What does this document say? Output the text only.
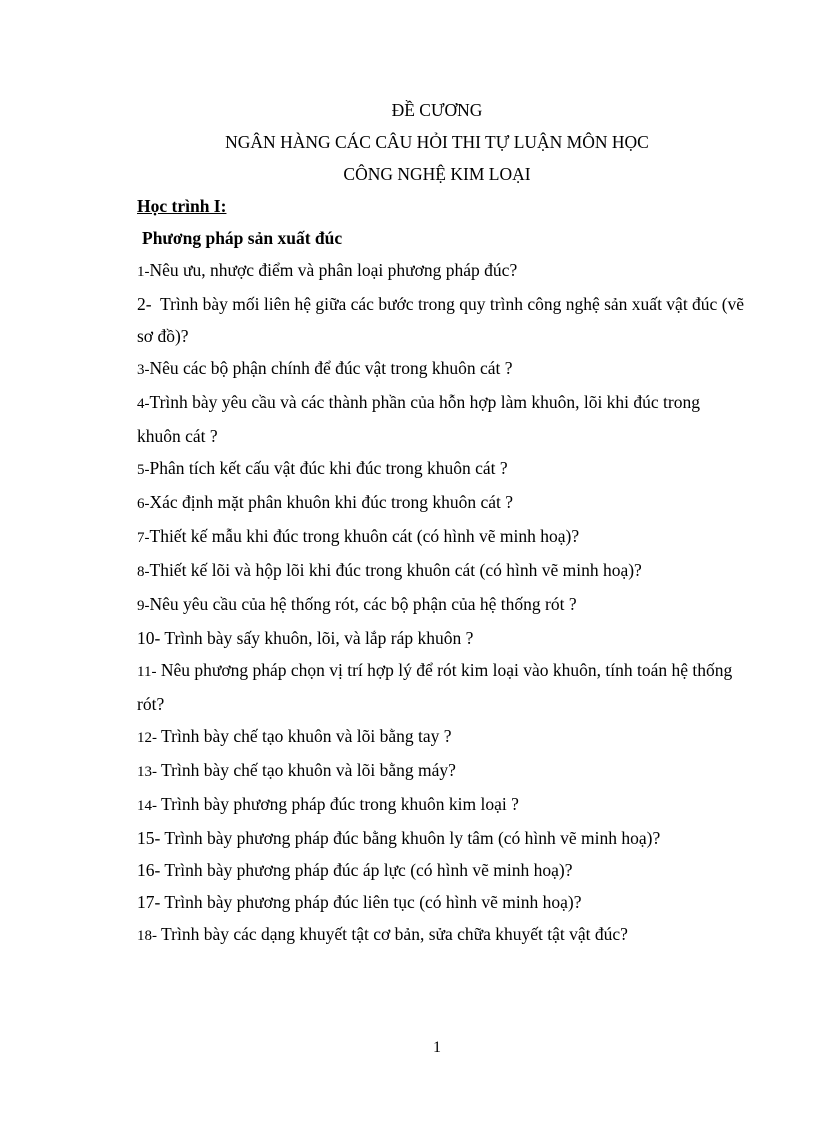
ĐỀ CƯƠNG
NGÂN HÀNG CÁC CÂU HỎI THI TỰ LUẬN MÔN HỌC
CÔNG NGHỆ KIM LOẠI
Học trình I:
Phương pháp sản xuất đúc
1-Nêu ưu, nhược điểm và phân loại phương pháp đúc?
2-  Trình bày mối liên hệ giữa các bước trong quy trình công nghệ sản xuất vật đúc (vẽ sơ đồ)?
3-Nêu các bộ phận chính để đúc vật trong khuôn cát ?
4-Trình bày yêu cầu và các thành phần của hỗn hợp làm khuôn, lõi khi đúc trong khuôn cát ?
5-Phân tích kết cấu vật đúc khi đúc trong khuôn cát ?
6-Xác định mặt phân khuôn khi đúc trong khuôn cát ?
7-Thiết kế mẫu khi đúc trong khuôn cát (có hình vẽ minh hoạ)?
8-Thiết kế lõi và hộp lõi khi đúc trong khuôn cát (có hình vẽ minh hoạ)?
9-Nêu yêu cầu của hệ thống rót, các bộ phận của hệ thống rót ?
10- Trình bày sấy khuôn, lõi, và lắp ráp khuôn ?
11- Nêu phương pháp chọn vị trí hợp lý để rót kim loại vào khuôn, tính toán hệ thống rót?
12- Trình bày chế tạo khuôn và lõi bằng tay ?
13- Trình bày chế tạo khuôn và lõi bằng máy?
14- Trình bày phương pháp đúc trong khuôn kim loại ?
15- Trình bày phương pháp đúc bằng khuôn ly tâm (có hình vẽ minh hoạ)?
16- Trình bày phương pháp đúc áp lực (có hình vẽ minh hoạ)?
17- Trình bày phương pháp đúc liên tục (có hình vẽ minh hoạ)?
18- Trình bày các dạng khuyết tật cơ bản, sửa chữa khuyết tật vật đúc?
1
